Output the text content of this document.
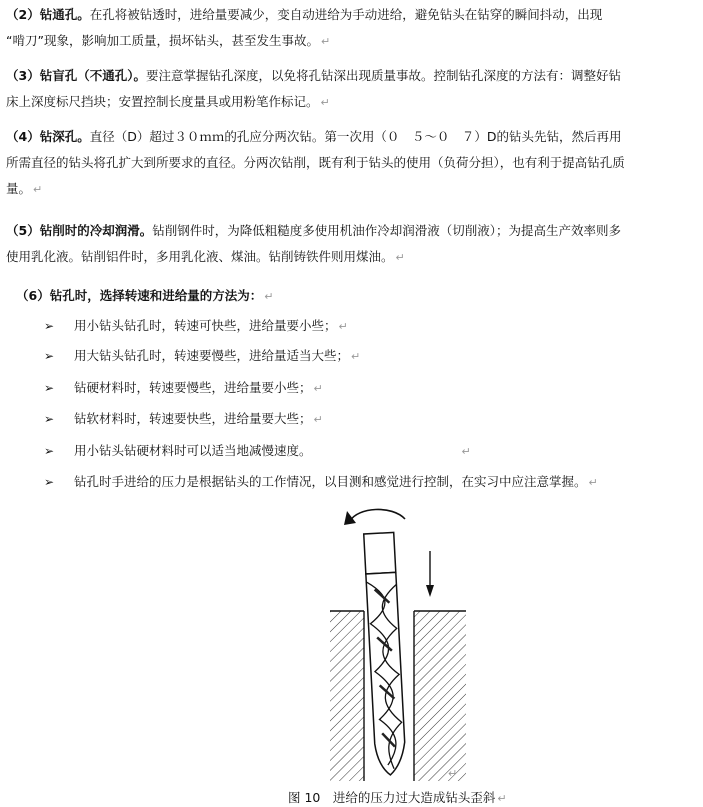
（2）钻通孔。在孔将被钻透时，进给量要减少，变自动进给为手动进给，避免钻头在钻穿的瞬间抖动，出现
“啃刀”现象，影响加工质量，损坏钻头，甚至发生事故。 ↵

（3）钻盲孔（不通孔）。要注意掌握钻孔深度，以免将孔钻深出现质量事故。控制钻孔深度的方法有：调整好钻
床上深度标尺挡块；安置控制长度量具或用粉笔作标记。 ↵

（4）钻深孔。直径（D）超过３０ｍｍ的孔应分两次钻。第一次用（０　５～０　７）D的钻头先钻，然后再用
所需直径的钻头将孔扩大到所要求的直径。分两次钻削，既有利于钻头的使用（负荷分担），也有利于提高钻孔质
量。 ↵

（5）钻削时的冷却润滑。钻削钢件时，为降低粗糙度多使用机油作冷却润滑液（切削液）；为提高生产效率则多
使用乳化液。钻削铝件时，多用乳化液、煤油。钻削铸铁件则用煤油。 ↵

（6）钻孔时，选择转速和进给量的方法为： ↵

➢ 用小钻头钻孔时，转速可快些，进给量要小些； ↵
➢ 用大钻头钻孔时，转速要慢些，进给量适当大些； ↵
➢ 钻硬材料时，转速要慢些，进给量要小些； ↵
➢ 钻软材料时，转速要快些，进给量要大些； ↵
➢ 用小钻头钻硬材料时可以适当地减慢速度。	↵
➢ 钻孔时手进给的压力是根据钻头的工作情况，以目测和感觉进行控制，在实习中应注意掌握。 ↵
↵
图 10　进给的压力过大造成钻头歪斜 ↵
